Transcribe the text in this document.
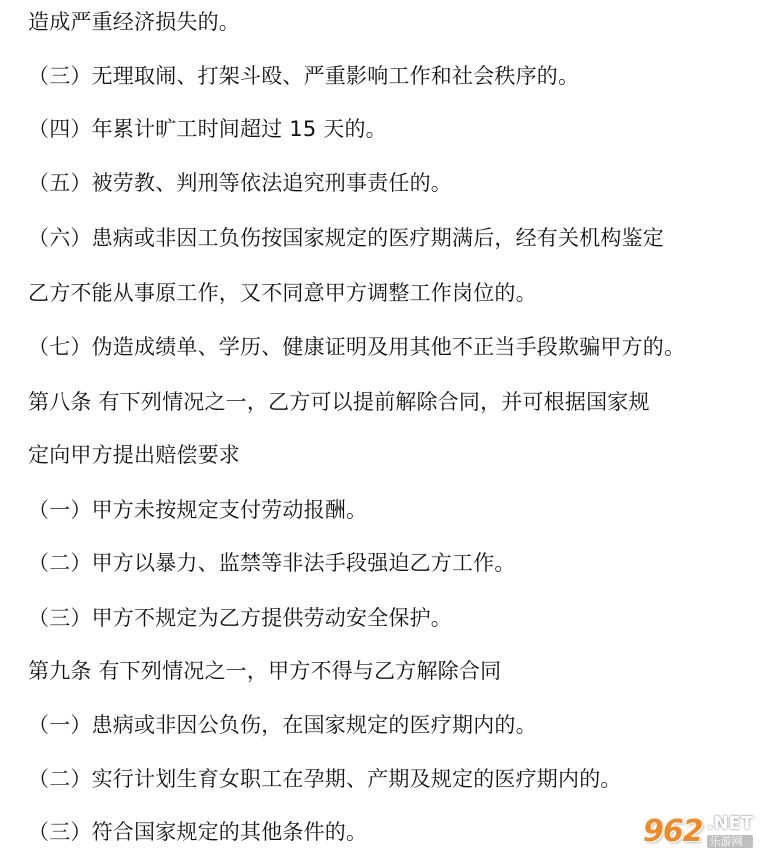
造成严重经济损失的。
（三）无理取闹、打架斗殴、严重影响工作和社会秩序的。
（四）年累计旷工时间超过 15 天的。
（五）被劳教、判刑等依法追究刑事责任的。
（六）患病或非因工负伤按国家规定的医疗期满后，经有关机构鉴定
乙方不能从事原工作，又不同意甲方调整工作岗位的。
（七）伪造成绩单、学历、健康证明及用其他不正当手段欺骗甲方的。
第八条 有下列情况之一，乙方可以提前解除合同，并可根据国家规
定向甲方提出赔偿要求
（一）甲方未按规定支付劳动报酬。
（二）甲方以暴力、监禁等非法手段强迫乙方工作。
（三）甲方不规定为乙方提供劳动安全保护。
第九条 有下列情况之一，甲方不得与乙方解除合同
（一）患病或非因公负伤，在国家规定的医疗期内的。
（二）实行计划生育女职工在孕期、产期及规定的医疗期内的。
（三）符合国家规定的其他条件的。	962 .NET
乐游网
